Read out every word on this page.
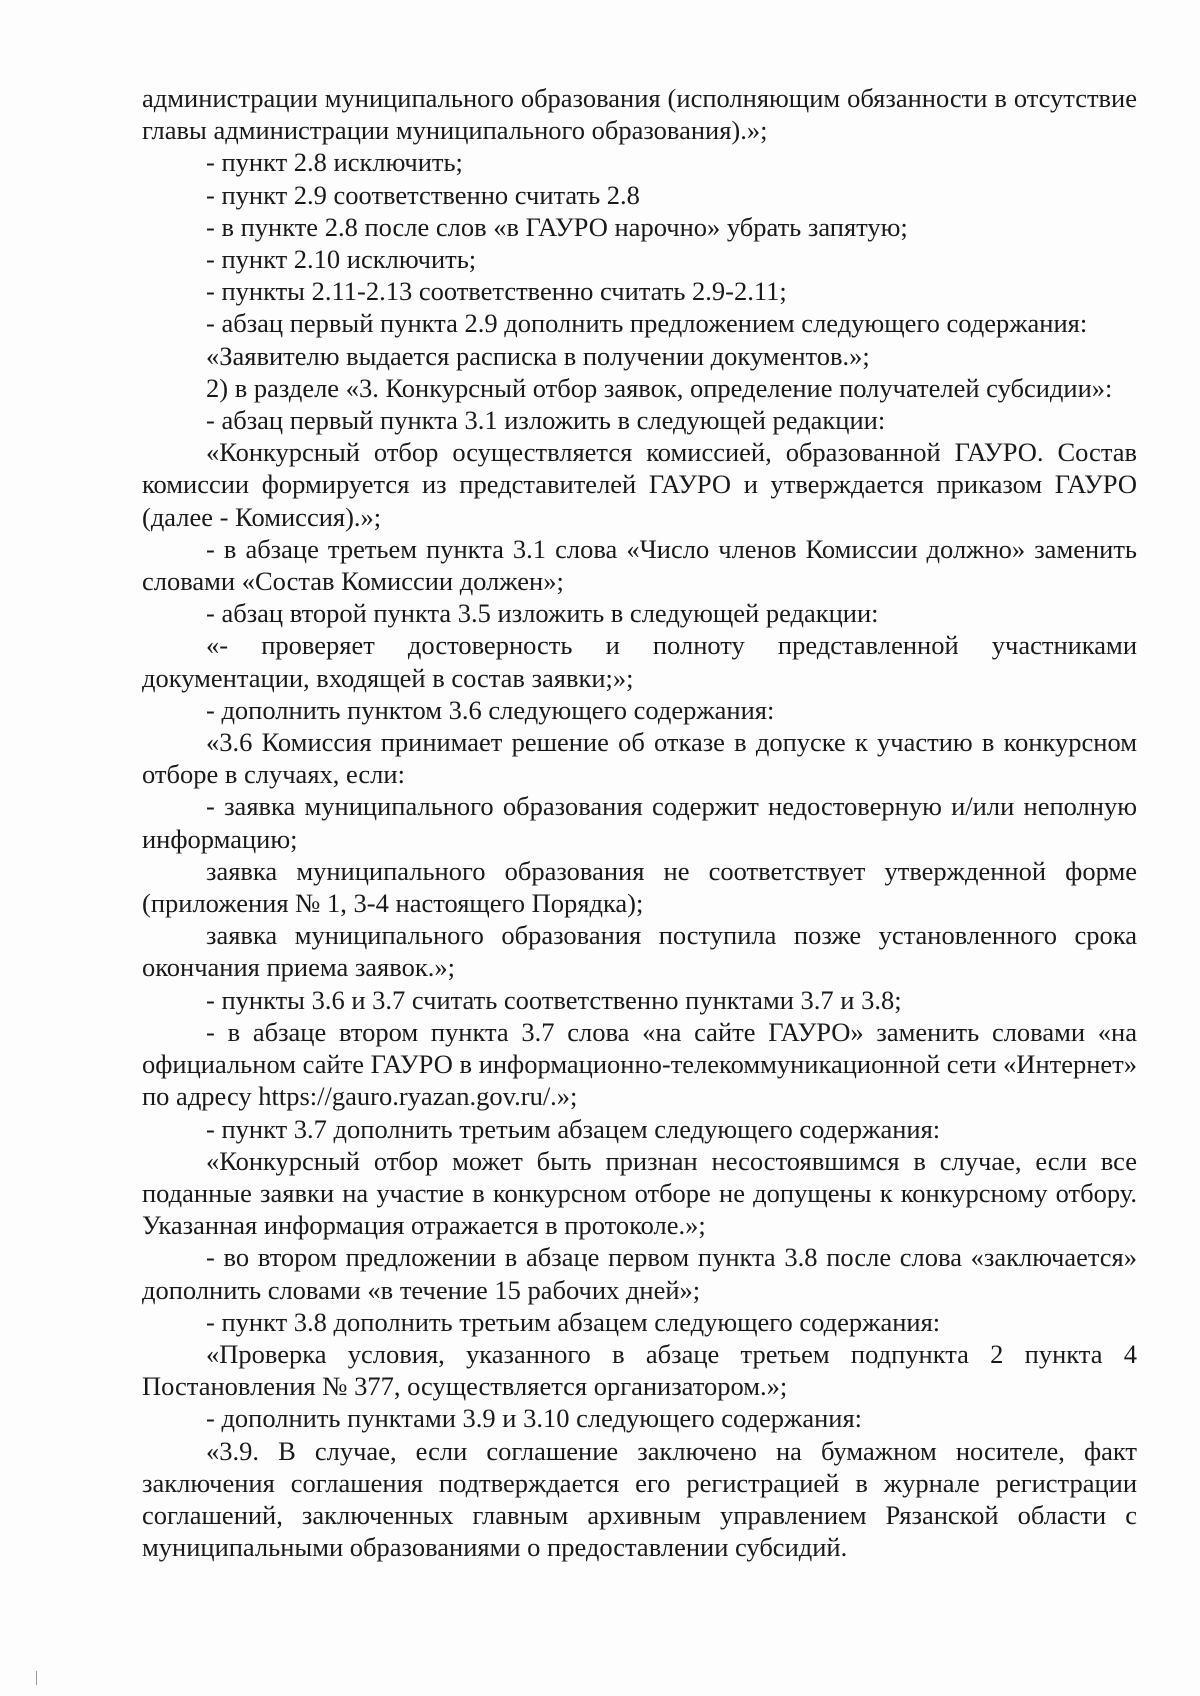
администрации муниципального образования (исполняющим обязанности в отсутствие главы администрации муниципального образования).»;

- пункт 2.8 исключить;

- пункт 2.9 соответственно считать 2.8

- в пункте 2.8 после слов «в ГАУРО нарочно» убрать запятую;

- пункт 2.10 исключить;

- пункты 2.11-2.13 соответственно считать 2.9-2.11;

- абзац первый пункта 2.9 дополнить предложением следующего содержания:

«Заявителю выдается расписка в получении документов.»;

2) в разделе «3. Конкурсный отбор заявок, определение получателей субсидии»:

- абзац первый пункта 3.1 изложить в следующей редакции:

«Конкурсный отбор осуществляется комиссией, образованной ГАУРО. Состав комиссии формируется из представителей ГАУРО и утверждается приказом ГАУРО (далее - Комиссия).»;

- в абзаце третьем пункта 3.1 слова «Число членов Комиссии должно» заменить словами «Состав Комиссии должен»;

- абзац второй пункта 3.5 изложить в следующей редакции:

«- проверяет достоверность и полноту представленной участниками документации, входящей в состав заявки;»;

- дополнить пунктом 3.6 следующего содержания:

«3.6 Комиссия принимает решение об отказе в допуске к участию в конкурсном отборе в случаях, если:

- заявка муниципального образования содержит недостоверную и/или неполную информацию;

заявка муниципального образования не соответствует утвержденной форме (приложения № 1, 3-4 настоящего Порядка);

заявка муниципального образования поступила позже установленного срока окончания приема заявок.»;

- пункты 3.6 и 3.7 считать соответственно пунктами 3.7 и 3.8;

- в абзаце втором пункта 3.7 слова «на сайте ГАУРО» заменить словами «на официальном сайте ГАУРО в информационно-телекоммуникационной сети «Интернет» по адресу https://gauro.ryazan.gov.ru/.»;

- пункт 3.7 дополнить третьим абзацем следующего содержания:

«Конкурсный отбор может быть признан несостоявшимся в случае, если все поданные заявки на участие в конкурсном отборе не допущены к конкурсному отбору. Указанная информация отражается в протоколе.»;

- во втором предложении в абзаце первом пункта 3.8 после слова «заключается» дополнить словами «в течение 15 рабочих дней»;

- пункт 3.8 дополнить третьим абзацем следующего содержания:

«Проверка условия, указанного в абзаце третьем подпункта 2 пункта 4 Постановления № 377, осуществляется организатором.»;

- дополнить пунктами 3.9 и 3.10 следующего содержания:

«3.9. В случае, если соглашение заключено на бумажном носителе, факт заключения соглашения подтверждается его регистрацией в журнале регистрации соглашений, заключенных главным архивным управлением Рязанской области с муниципальными образованиями о предоставлении субсидий.
